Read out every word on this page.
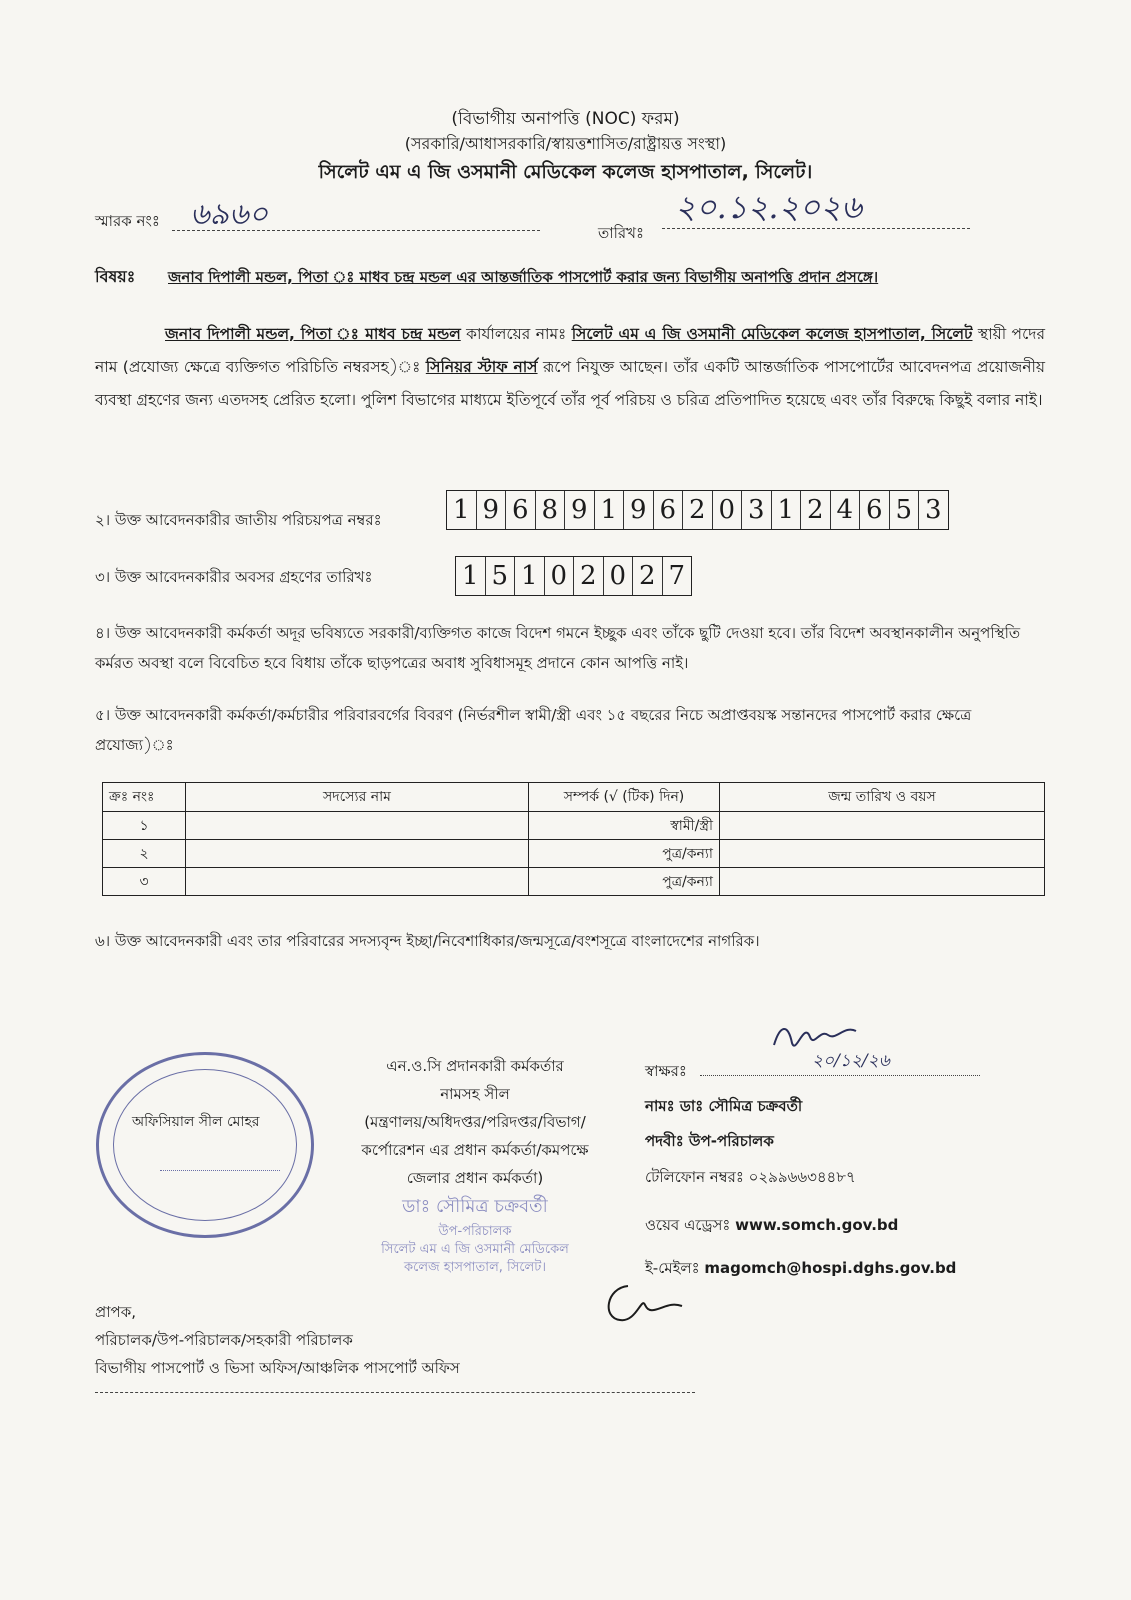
(বিভাগীয় অনাপত্তি (NOC) ফরম)
(সরকারি/আধাসরকারি/স্বায়ত্তশাসিত/রাষ্ট্রায়ত্ত সংস্থা)
সিলেট এম এ জি ওসমানী মেডিকেল কলেজ হাসপাতাল, সিলেট।
স্মারক নংঃ ৬৯৬০
তারিখঃ
২০.১২.২০২৬
বিষয়ঃ জনাব দিপালী মন্ডল, পিতা ঃ মাধব চন্দ্র মন্ডল এর আন্তর্জাতিক পাসপোর্ট করার জন্য বিভাগীয় অনাপত্তি প্রদান প্রসঙ্গে।
জনাব দিপালী মন্ডল, পিতা ঃ মাধব চন্দ্র মন্ডল কার্যালয়ের নামঃ সিলেট এম এ জি ওসমানী মেডিকেল কলেজ হাসপাতাল, সিলেট স্থায়ী পদের নাম (প্রযোজ্য ক্ষেত্রে ব্যক্তিগত পরিচিতি নম্বরসহ)ঃ সিনিয়র স্টাফ নার্স রূপে নিযুক্ত আছেন। তাঁর একটি আন্তর্জাতিক পাসপোর্টের আবেদনপত্র প্রয়োজনীয় ব্যবস্থা গ্রহণের জন্য এতদসহ প্রেরিত হলো। পুলিশ বিভাগের মাধ্যমে ইতিপূর্বে তাঁর পূর্ব পরিচয় ও চরিত্র প্রতিপাদিত হয়েছে এবং তাঁর বিরুদ্ধে কিছুই বলার নাই।
২। উক্ত আবেদনকারীর জাতীয় পরিচয়পত্র নম্বরঃ	1 9 6 8 9 1 9 6 2 0 3 1 2 4 6 5 3
৩। উক্ত আবেদনকারীর অবসর গ্রহণের তারিখঃ	1 5 1 0 2 0 2 7
৪। উক্ত আবেদনকারী কর্মকর্তা অদূর ভবিষ্যতে সরকারী/ব্যক্তিগত কাজে বিদেশ গমনে ইচ্ছুক এবং তাঁকে ছুটি দেওয়া হবে। তাঁর বিদেশ অবস্থানকালীন অনুপস্থিতি কর্মরত অবস্থা বলে বিবেচিত হবে বিধায় তাঁকে ছাড়পত্রের অবাধ সুবিধাসমূহ প্রদানে কোন আপত্তি নাই।
৫। উক্ত আবেদনকারী কর্মকর্তা/কর্মচারীর পরিবারবর্গের বিবরণ (নির্ভরশীল স্বামী/স্ত্রী এবং ১৫ বছরের নিচে অপ্রাপ্তবয়স্ক সন্তানদের পাসপোর্ট করার ক্ষেত্রে প্রযোজ্য)ঃ
ক্রঃ নংঃ	সদস্যের নাম	সম্পর্ক (√ (টিক) দিন)	জন্ম তারিখ ও বয়স
১		স্বামী/স্ত্রী	
২		পুত্র/কন্যা	
৩		পুত্র/কন্যা	
৬। উক্ত আবেদনকারী এবং তার পরিবারের সদস্যবৃন্দ ইচ্ছা/নিবেশাধিকার/জন্মসূত্রে/বংশসূত্রে বাংলাদেশের নাগরিক।
অফিসিয়াল সীল মোহর
এন.ও.সি প্রদানকারী কর্মকর্তার
নামসহ সীল
(মন্ত্রণালয়/অধিদপ্তর/পরিদপ্তর/বিভাগ/
কর্পোরেশন এর প্রধান কর্মকর্তা/কমপক্ষে
জেলার প্রধান কর্মকর্তা)
ডাঃ সৌমিত্র চক্রবর্তী
উপ-পরিচালক
সিলেট এম এ জি ওসমানী মেডিকেল
কলেজ হাসপাতাল, সিলেট।
স্বাক্ষরঃ	২০/১২/২৬
নামঃ ডাঃ সৌমিত্র চক্রবর্তী
পদবীঃ উপ-পরিচালক
টেলিফোন নম্বরঃ ০২৯৯৬৬৩৪৪৮৭
ওয়েব এড্রেসঃ www.somch.gov.bd
ই-মেইলঃ magomch@hospi.dghs.gov.bd
প্রাপক,
পরিচালক/উপ-পরিচালক/সহকারী পরিচালক
বিভাগীয় পাসপোর্ট ও ভিসা অফিস/আঞ্চলিক পাসপোর্ট অফিস
